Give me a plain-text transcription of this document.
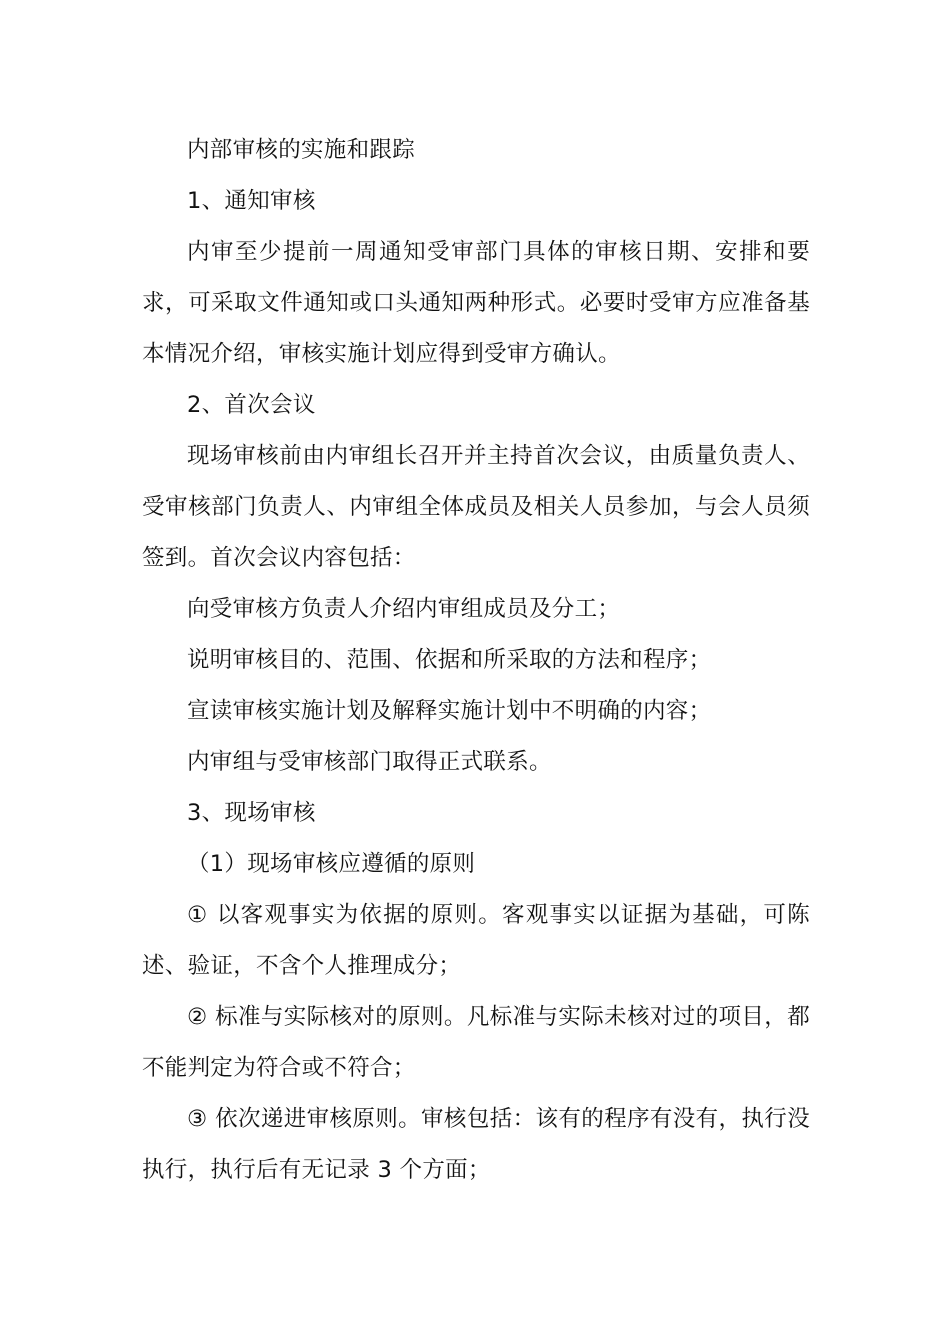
内部审核的实施和跟踪

1、通知审核

内审至少提前一周通知受审部门具体的审核日期、安排和要求，可采取文件通知或口头通知两种形式。必要时受审方应准备基本情况介绍，审核实施计划应得到受审方确认。

2、首次会议

现场审核前由内审组长召开并主持首次会议，由质量负责人、受审核部门负责人、内审组全体成员及相关人员参加，与会人员须签到。首次会议内容包括：

向受审核方负责人介绍内审组成员及分工；

说明审核目的、范围、依据和所采取的方法和程序；

宣读审核实施计划及解释实施计划中不明确的内容；

内审组与受审核部门取得正式联系。

3、现场审核

（1）现场审核应遵循的原则

① 以客观事实为依据的原则。客观事实以证据为基础，可陈述、验证，不含个人推理成分；

② 标准与实际核对的原则。凡标准与实际未核对过的项目，都不能判定为符合或不符合；

③ 依次递进审核原则。审核包括：该有的程序有没有，执行没执行，执行后有无记录 3 个方面；
